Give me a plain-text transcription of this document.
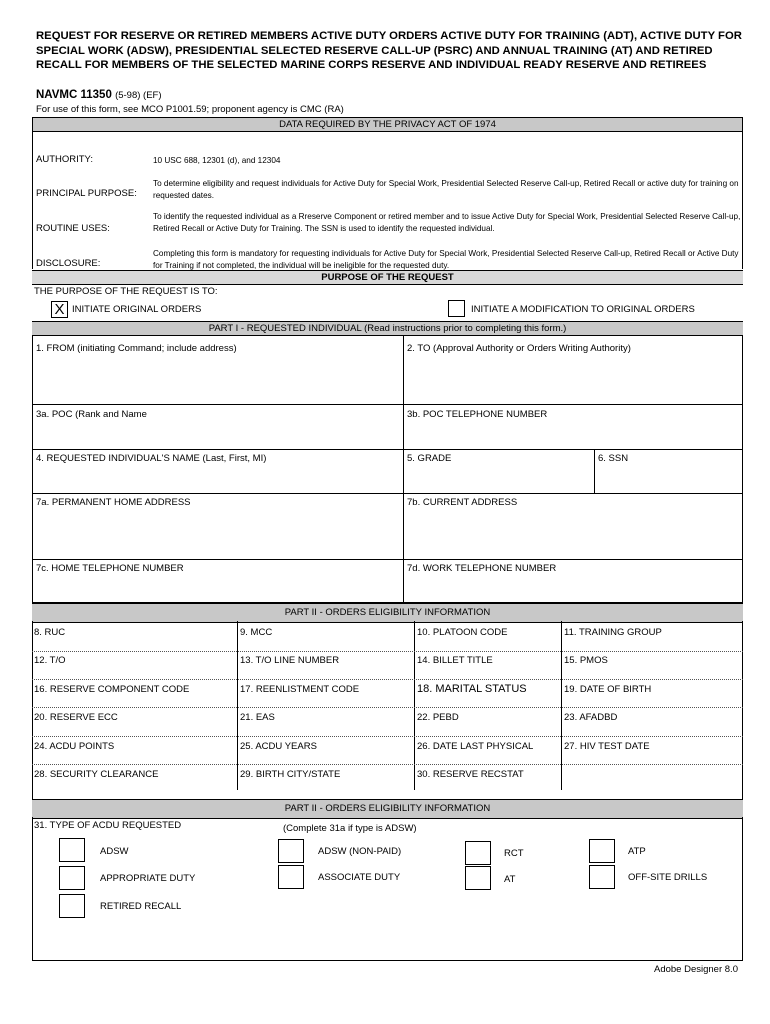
REQUEST FOR RESERVE OR RETIRED MEMBERS ACTIVE DUTY ORDERS ACTIVE DUTY FOR TRAINING (ADT), ACTIVE DUTY FOR SPECIAL WORK (ADSW), PRESIDENTIAL SELECTED RESERVE CALL-UP (PSRC) AND ANNUAL TRAINING (AT) AND RETIRED RECALL FOR MEMBERS OF THE SELECTED MARINE CORPS RESERVE AND INDIVIDUAL READY RESERVE AND RETIREES
NAVMC 11350 (5-98) (EF)
For use of this form, see MCO P1001.59; proponent agency is CMC (RA)
DATA REQUIRED BY THE PRIVACY ACT OF 1974
AUTHORITY:	10 USC 688, 12301 (d), and 12304
PRINCIPAL PURPOSE:
To determine eligibility and request individuals for Active Duty for Special Work, Presidential Selected Reserve Call-up, Retired Recall or active duty for training on requested dates.
ROUTINE USES:
To identify the requested individual as a Rreserve Component or retired member and to issue Active Duty for Special Work, Presidential Selected Reserve Call-up, Retired Recall or Active Duty for Training. The SSN is used to identify the requested individual.
DISCLOSURE:
Completing this form is mandatory for requesting individuals for Active Duty for Special Work, Presidential Selected Reserve Call-up, Retired Recall or Active Duty for Training if not completed, the individual will be ineligible for the requested duty.
PURPOSE OF THE REQUEST
THE PURPOSE OF THE REQUEST IS TO:
X INITIATE ORIGINAL ORDERS	INITIATE A MODIFICATION TO ORIGINAL ORDERS
PART I - REQUESTED INDIVIDUAL (Read instructions prior to completing this form.)
1. FROM (initiating Command; include address)	2. TO (Approval Authority or Orders Writing Authority)
3a. POC (Rank and Name	3b. POC TELEPHONE NUMBER
4. REQUESTED INDIVIDUAL'S NAME (Last, First, MI)	5. GRADE	6. SSN
7a. PERMANENT HOME ADDRESS	7b. CURRENT ADDRESS
7c. HOME TELEPHONE NUMBER	7d. WORK TELEPHONE NUMBER
PART II - ORDERS ELIGIBILITY INFORMATION
8. RUC	9. MCC	10. PLATOON CODE	11. TRAINING GROUP
12. T/O	13. T/O LINE NUMBER	14. BILLET TITLE	15. PMOS
16. RESERVE COMPONENT CODE	17. REENLISTMENT CODE	18. MARITAL STATUS	19. DATE OF BIRTH
20. RESERVE ECC	21. EAS	22. PEBD	23. AFADBD
24. ACDU POINTS	25. ACDU YEARS	26. DATE LAST PHYSICAL	27. HIV TEST DATE
28. SECURITY CLEARANCE	29. BIRTH CITY/STATE	30. RESERVE RECSTAT
PART II - ORDERS ELIGIBILITY INFORMATION
31. TYPE OF ACDU REQUESTED	(Complete 31a if type is ADSW)
ADSW
APPROPRIATE DUTY
RETIRED RECALL
ADSW (NON-PAID)
ASSOCIATE DUTY
RCT
AT
ATP
OFF-SITE DRILLS
Adobe Designer 8.0
